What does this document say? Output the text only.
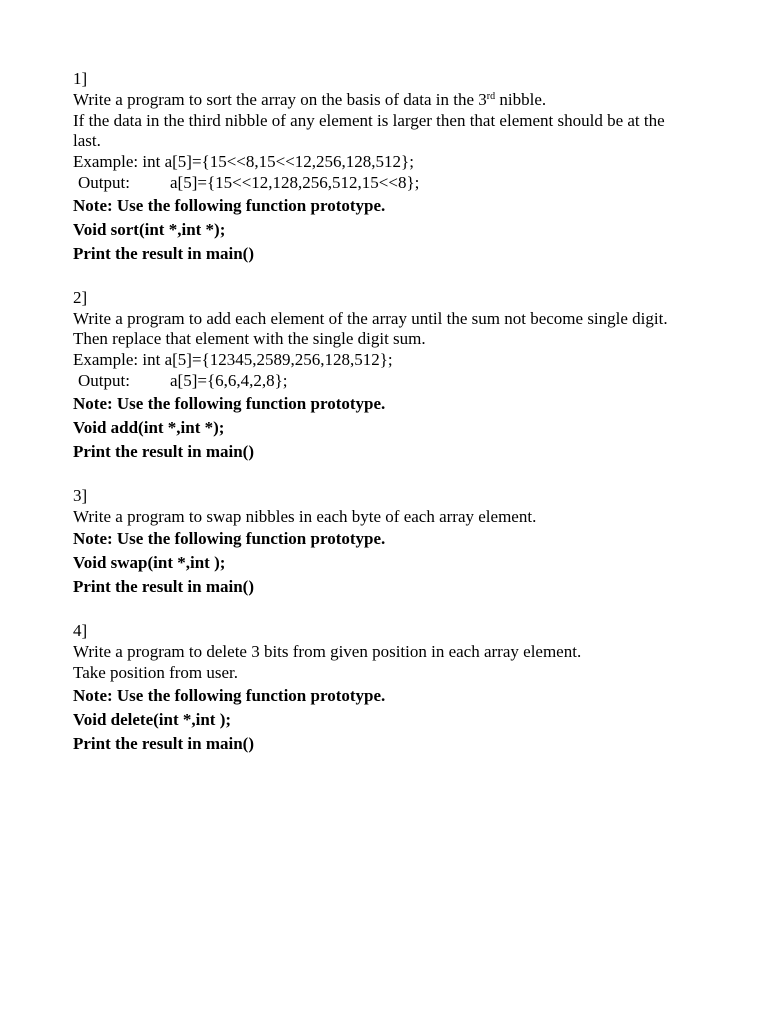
1]
Write a program to sort the array on the basis of data in the 3rd nibble.
If the data in the third nibble of any element is larger then that element should be at the last.
Example: int a[5]={15<<8,15<<12,256,128,512};
Output: a[5]={15<<12,128,256,512,15<<8};
Note: Use the following function prototype.
Void sort(int *,int *);
Print the result in main()
2]
Write a program to add each element of the array until the sum not become single digit. Then replace that element with the single digit sum.
Example: int a[5]={12345,2589,256,128,512};
Output: a[5]={6,6,4,2,8};
Note: Use the following function prototype.
Void add(int *,int *);
Print the result in main()
3]
Write a program to swap nibbles in each byte of each array element.
Note: Use the following function prototype.
Void swap(int *,int );
Print the result in main()
4]
Write a program to delete 3 bits from given position in each array element.
Take position from user.
Note: Use the following function prototype.
Void delete(int *,int );
Print the result in main()
